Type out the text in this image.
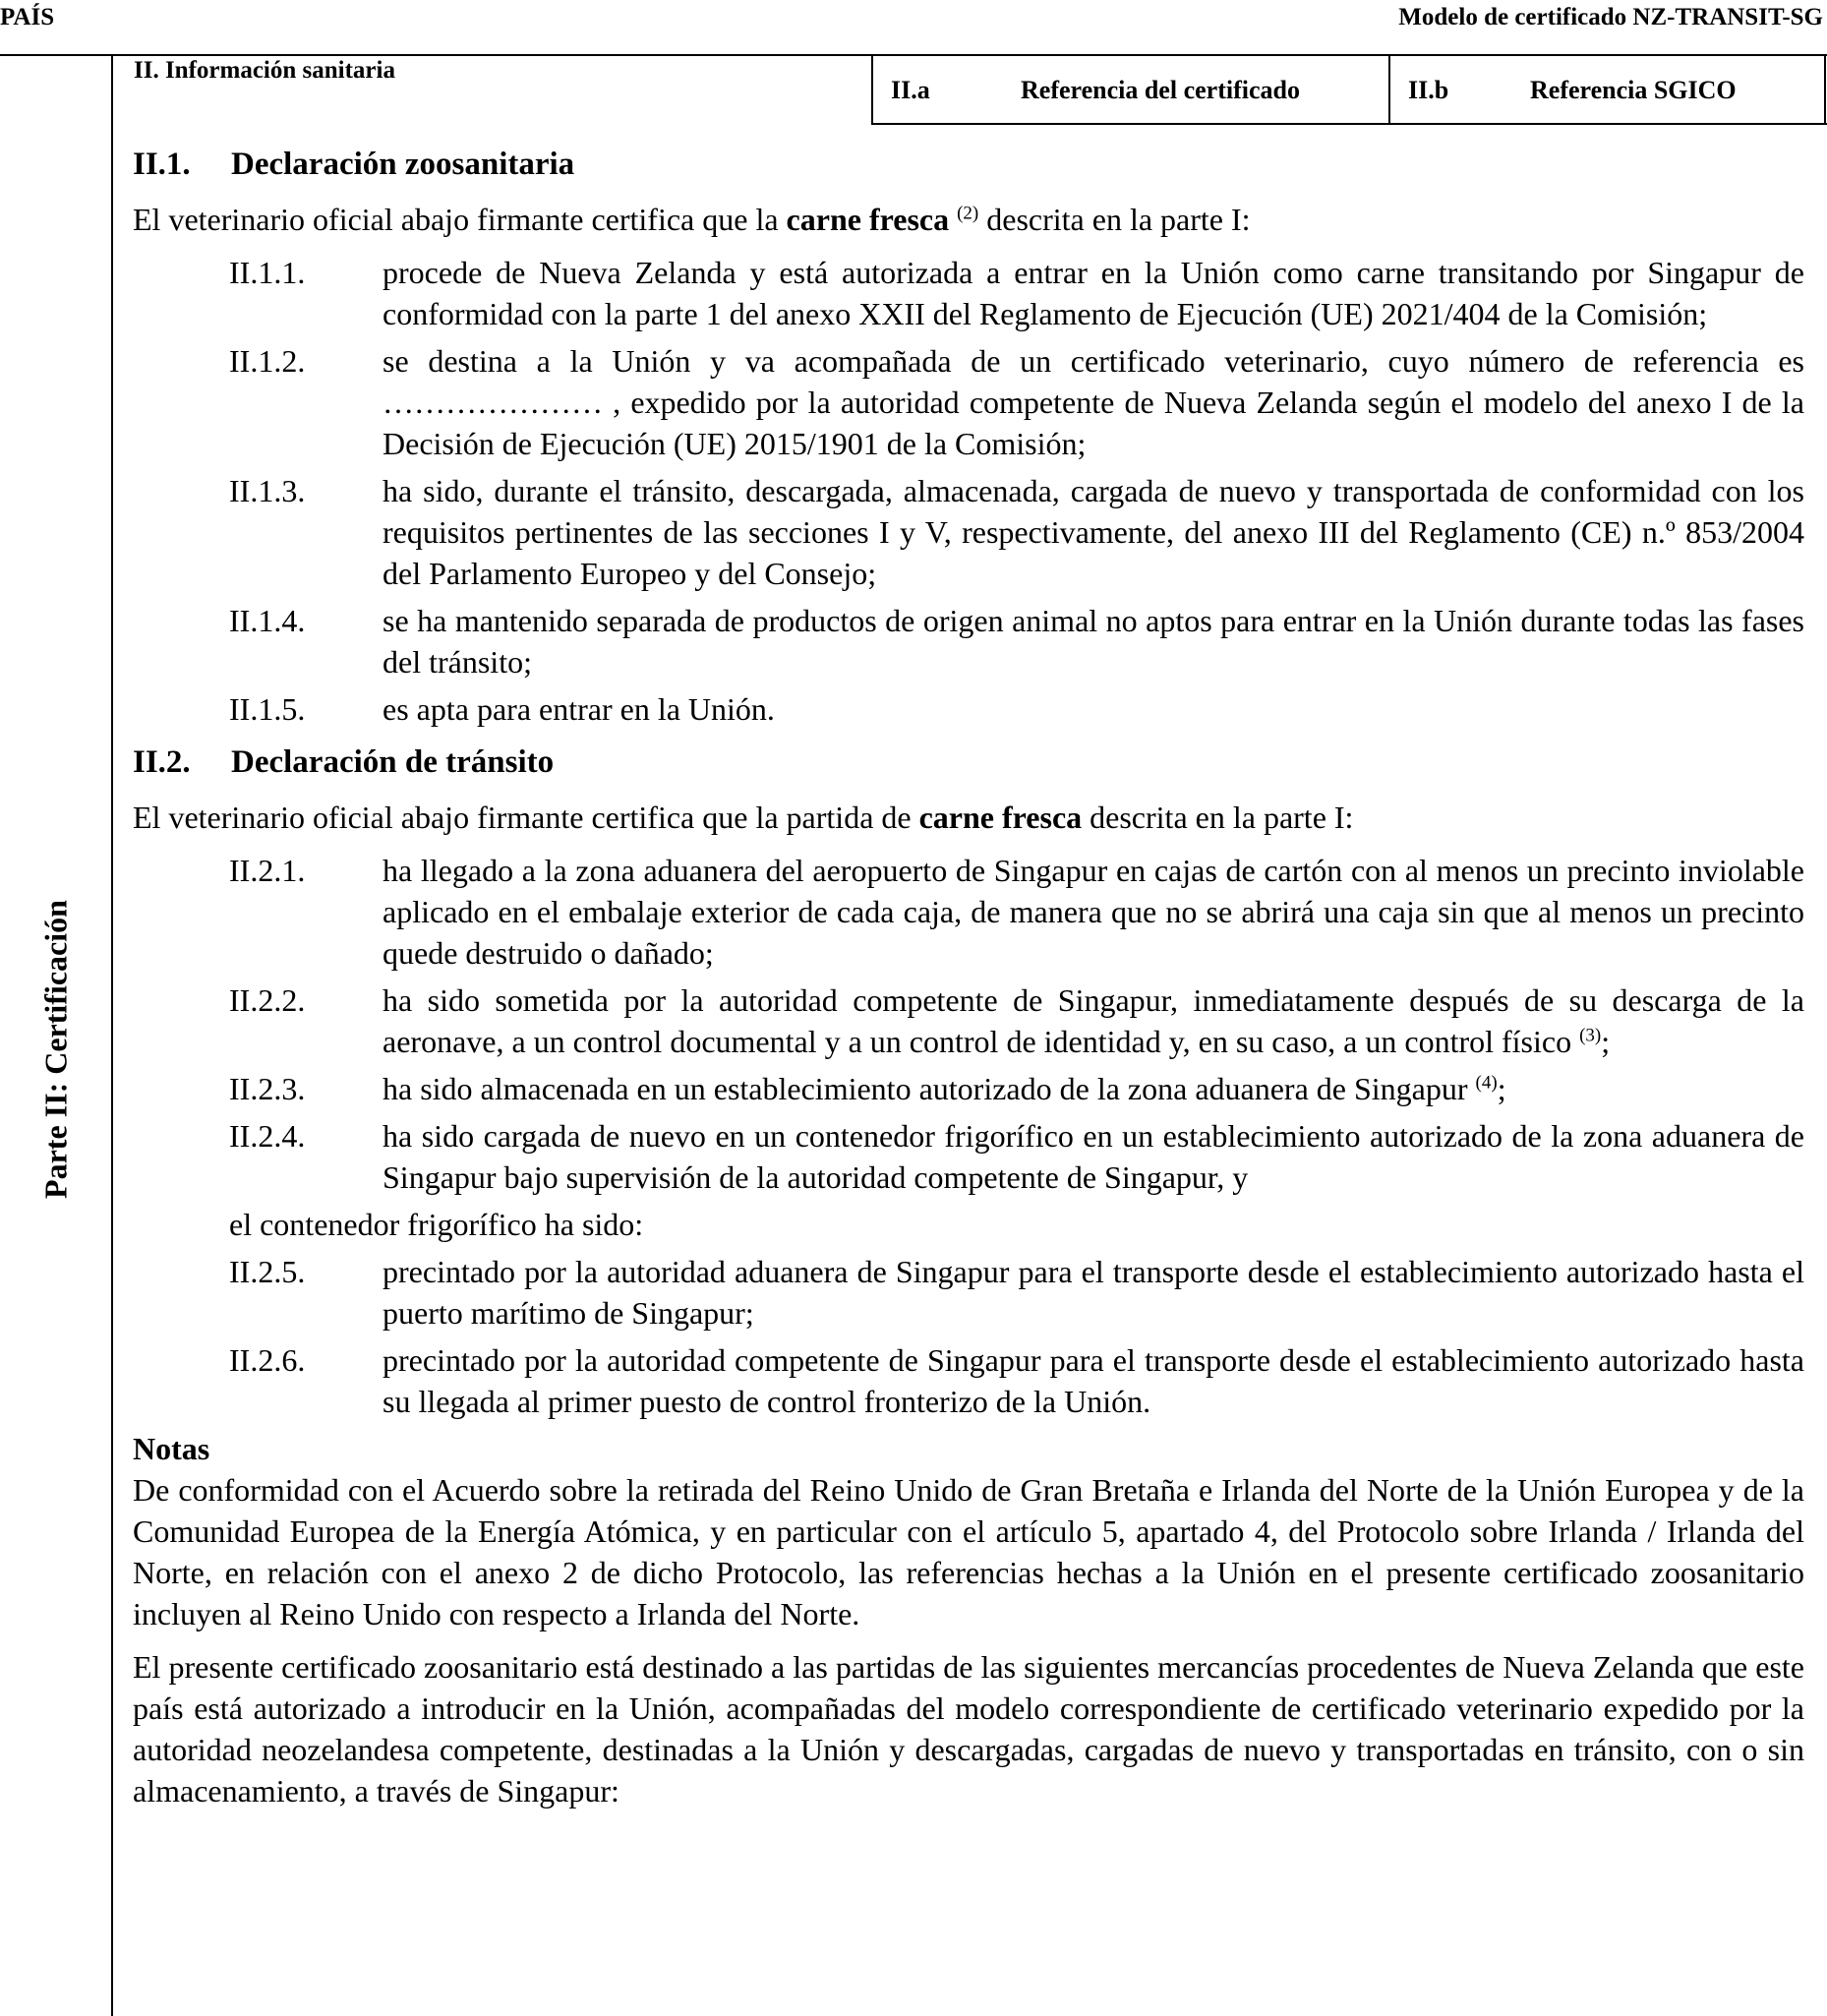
PAÍS	Modelo de certificado NZ-TRANSIT-SG
Parte II: Certificación
II. Información sanitaria
II.a	Referencia del certificado	II.b	Referencia SGICO
II.1. Declaración zoosanitaria
El veterinario oficial abajo firmante certifica que la carne fresca $^{(2)}$ descrita en la parte I:
II.1.1.	procede de Nueva Zelanda y está autorizada a entrar en la Unión como carne transitando por Singapur de conformidad con la parte 1 del anexo XXII del Reglamento de Ejecución (UE) 2021/404 de la Comisión;
II.1.2.	se destina a la Unión y va acompañada de un certificado veterinario, cuyo número de referencia es ………………… , expedido por la autoridad competente de Nueva Zelanda según el modelo del anexo I de la Decisión de Ejecución (UE) 2015/1901 de la Comisión;
II.1.3.	ha sido, durante el tránsito, descargada, almacenada, cargada de nuevo y transportada de conformidad con los requisitos pertinentes de las secciones I y V, respectivamente, del anexo III del Reglamento (CE) n.º 853/2004 del Parlamento Europeo y del Consejo;
II.1.4.	se ha mantenido separada de productos de origen animal no aptos para entrar en la Unión durante todas las fases del tránsito;
II.1.5.	es apta para entrar en la Unión.
II.2. Declaración de tránsito
El veterinario oficial abajo firmante certifica que la partida de carne fresca descrita en la parte I:
II.2.1.	ha llegado a la zona aduanera del aeropuerto de Singapur en cajas de cartón con al menos un precinto inviolable aplicado en el embalaje exterior de cada caja, de manera que no se abrirá una caja sin que al menos un precinto quede destruido o dañado;
II.2.2.	ha sido sometida por la autoridad competente de Singapur, inmediatamente después de su descarga de la aeronave, a un control documental y a un control de identidad y, en su caso, a un control físico $^{(3)}$;
II.2.3.	ha sido almacenada en un establecimiento autorizado de la zona aduanera de Singapur $^{(4)}$;
II.2.4.	ha sido cargada de nuevo en un contenedor frigorífico en un establecimiento autorizado de la zona aduanera de Singapur bajo supervisión de la autoridad competente de Singapur, y
el contenedor frigorífico ha sido:
II.2.5.	precintado por la autoridad aduanera de Singapur para el transporte desde el establecimiento autorizado hasta el puerto marítimo de Singapur;
II.2.6.	precintado por la autoridad competente de Singapur para el transporte desde el establecimiento autorizado hasta su llegada al primer puesto de control fronterizo de la Unión.
Notas
De conformidad con el Acuerdo sobre la retirada del Reino Unido de Gran Bretaña e Irlanda del Norte de la Unión Europea y de la Comunidad Europea de la Energía Atómica, y en particular con el artículo 5, apartado 4, del Protocolo sobre Irlanda / Irlanda del Norte, en relación con el anexo 2 de dicho Protocolo, las referencias hechas a la Unión en el presente certificado zoosanitario incluyen al Reino Unido con respecto a Irlanda del Norte.
El presente certificado zoosanitario está destinado a las partidas de las siguientes mercancías procedentes de Nueva Zelanda que este país está autorizado a introducir en la Unión, acompañadas del modelo correspondiente de certificado veterinario expedido por la autoridad neozelandesa competente, destinadas a la Unión y descargadas, cargadas de nuevo y transportadas en tránsito, con o sin almacenamiento, a través de Singapur:
